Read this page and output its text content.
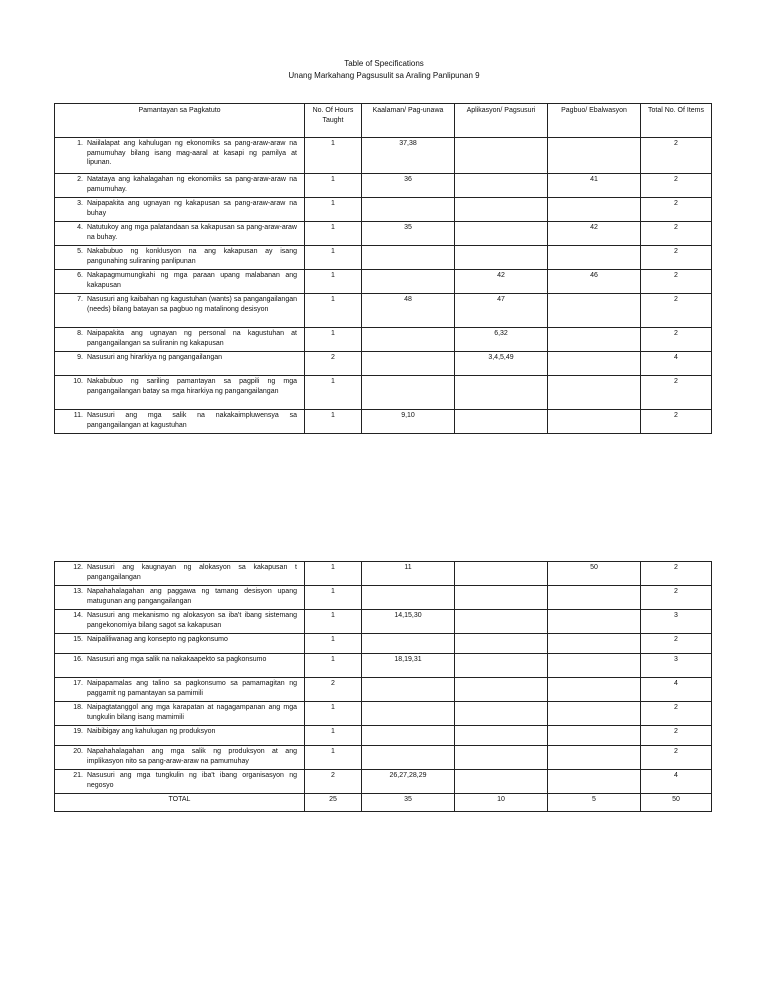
Table of Specifications
Unang Markahang Pagsusulit sa Araling Panlipunan 9
Pamantayan sa Pagkatuto	No. Of Hours Taught	Kaalaman/ Pag-unawa	Aplikasyon/ Pagsusuri	Pagbuo/ Ebalwasyon	Total No. Of Items
1. Naiilalapat ang kahulugan ng ekonomiks sa pang-araw-araw na pamumuhay bilang isang mag-aaral at kasapi ng pamilya at lipunan.	1	37,38			2
2. Natataya ang kahalagahan ng ekonomiks sa pang-araw-araw na pamumuhay.	1	36		41	2
3. Naipapakita ang ugnayan ng kakapusan sa pang-araw-araw na buhay	1				2
4. Natutukoy ang mga palatandaan sa kakapusan sa pang-araw-araw na buhay.	1	35		42	2
5. Nakabubuo ng konklusyon na ang kakapusan ay isang pangunahing suliraning panlipunan	1				2
6. Nakapagmumungkahi ng mga paraan upang malabanan ang kakapusan	1		42	46	2
7. Nasusuri ang kaibahan ng kagustuhan (wants) sa pangangailangan (needs) bilang batayan sa pagbuo ng matalinong desisyon	1	48	47		2
8. Naipapakita ang ugnayan ng personal na kagustuhan at pangangailangan sa suliranin ng kakapusan	1		6,32		2
9. Nasusuri ang hirarkiya ng pangangailangan	2		3,4,5,49		4
10. Nakabubuo ng sariling pamantayan sa pagpili ng mga pangangailangan batay sa mga hirarkiya ng pangangailangan	1				2
11. Nasusuri ang mga salik na nakakaimpluwensya sa pangangailangan at kagustuhan	1	9,10			2
12. Nasusuri ang kaugnayan ng alokasyon sa kakapusan t pangangailangan	1	11		50	2
13. Napahahalagahan ang paggawa ng tamang desisyon upang matugunan ang pangangailangan	1				2
14. Nasusuri ang mekanismo ng alokasyon sa iba't ibang sistemang pangekonomiya bilang sagot sa kakapusan	1	14,15,30			3
15. Naipaliliwanag ang konsepto ng pagkonsumo	1				2
16. Nasusuri ang mga salik na nakakaapekto sa pagkonsumo	1	18,19,31			3
17. Naipapamalas ang talino sa pagkonsumo sa pamamagitan ng paggamit ng pamantayan sa pamimili	2				4
18. Naipagtatanggol ang mga karapatan at nagagampanan ang mga tungkulin bilang isang mamimili	1				2
19. Naibibigay ang kahulugan ng produksyon	1				2
20. Napahahalagahan ang mga salik ng produksyon at ang implikasyon nito sa pang-araw-araw na pamumuhay	1				2
21. Nasusuri ang mga tungkulin ng iba't ibang organisasyon ng negosyo	2	26,27,28,29			4
TOTAL	25	35	10	5	50
